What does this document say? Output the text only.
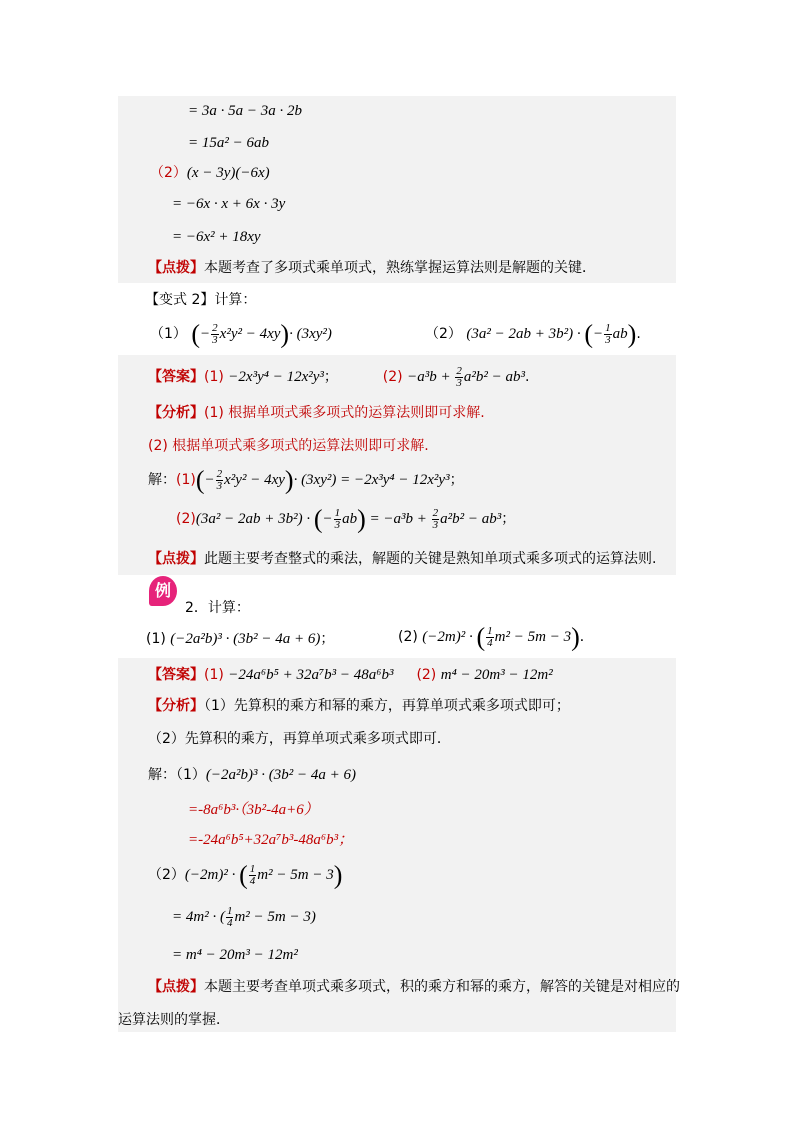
= 3a · 5a − 3a · 2b
= 15a² − 6ab
（2）(x − 3y)(−6x)
= −6x · x + 6x · 3y
= −6x² + 18xy
【点拨】本题考查了多项式乘单项式，熟练掌握运算法则是解题的关键．
【变式 2】计算：
（1） (− $\frac{2}{3} x^2y^2 - 4xy)\cdot (3xy^2)$	（2） (3a² − 2ab + 3b²) · (− $\frac{1}{3} ab$).
【答案】(1) −2x³y⁴ − 12x²y³；	$(2) -a^3b + \frac{2}{3} a^2b^2 - ab^3$.
【分析】(1) 根据单项式乘多项式的运算法则即可求解.
(2) 根据单项式乘多项式的运算法则即可求解.
解：$(1)(- \frac{2}{3} x^2y^2 - 4xy)\cdot (3xy^2) = -2x^3y^4 - 12x^2y^3$；
(2)(3a² − 2ab + 3b²) · (− $\frac{1}{3} ab) = -a^3b + \frac{2}{3} a^2b^2 - ab^3$；
【点拨】此题主要考查整式的乘法，解题的关键是熟知单项式乘多项式的运算法则.
例
2．计算：
(1) (−2a²b)³ · (3b² − 4a + 6)；	(2) (−2m)² · ( $\frac{1}{4} m^2 - 5m - 3$)．
【答案】(1) −24a⁶b⁵ + 32a⁷b³ − 48a⁶b³ (2) m⁴ − 20m³ − 12m²
【分析】（1）先算积的乘方和幂的乘方，再算单项式乘多项式即可；
（2）先算积的乘方，再算单项式乘多项式即可．
解：（1）(−2a²b)³ · (3b² − 4a + 6)
=-8a⁶b³·（3b²-4a+6）
=-24a⁶b⁵+32a⁷b³-48a⁶b³；
（2）(−2m)² · ( $\frac{1}{4} m^2 - 5m - 3$)
= 4m² · ( $\frac{1}{4} m^2 - 5m - 3$)
= m⁴ − 20m³ − 12m²
【点拨】本题主要考查单项式乘多项式，积的乘方和幂的乘方，解答的关键是对相应的
运算法则的掌握．
